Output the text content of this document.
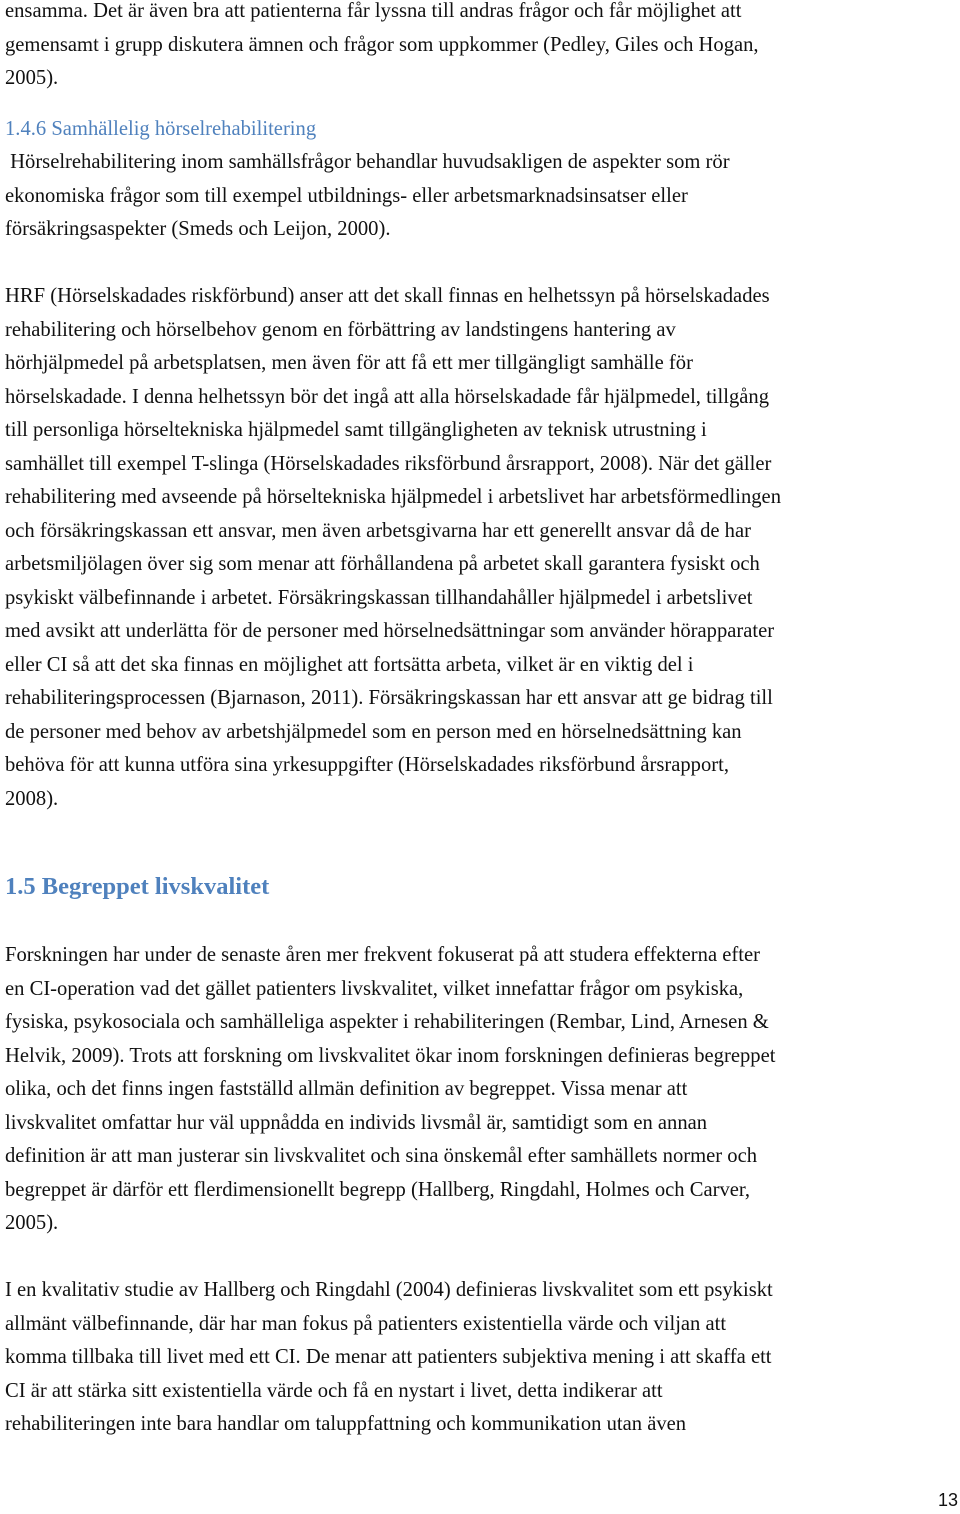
ensamma. Det är även bra att patienterna får lyssna till andras frågor och får möjlighet att
gemensamt i grupp diskutera ämnen och frågor som uppkommer (Pedley, Giles och Hogan,
2005).
1.4.6 Samhällelig hörselrehabilitering
Hörselrehabilitering inom samhällsfrågor behandlar huvudsakligen de aspekter som rör
ekonomiska frågor som till exempel utbildnings- eller arbetsmarknadsinsatser eller
försäkringsaspekter (Smeds och Leijon, 2000).
HRF (Hörselskadades riskförbund) anser att det skall finnas en helhetssyn på hörselskadades
rehabilitering och hörselbehov genom en förbättring av landstingens hantering av
hörhjälpmedel på arbetsplatsen, men även för att få ett mer tillgängligt samhälle för
hörselskadade. I denna helhetssyn bör det ingå att alla hörselskadade får hjälpmedel, tillgång
till personliga hörseltekniska hjälpmedel samt tillgängligheten av teknisk utrustning i
samhället till exempel T-slinga (Hörselskadades riksförbund årsrapport, 2008). När det gäller
rehabilitering med avseende på hörseltekniska hjälpmedel i arbetslivet har arbetsförmedlingen
och försäkringskassan ett ansvar, men även arbetsgivarna har ett generellt ansvar då de har
arbetsmiljölagen över sig som menar att förhållandena på arbetet skall garantera fysiskt och
psykiskt välbefinnande i arbetet. Försäkringskassan tillhandahåller hjälpmedel i arbetslivet
med avsikt att underlätta för de personer med hörselnedsättningar som använder hörapparater
eller CI så att det ska finnas en möjlighet att fortsätta arbeta, vilket är en viktig del i
rehabiliteringsprocessen (Bjarnason, 2011). Försäkringskassan har ett ansvar att ge bidrag till
de personer med behov av arbetshjälpmedel som en person med en hörselnedsättning kan
behöva för att kunna utföra sina yrkesuppgifter (Hörselskadades riksförbund årsrapport,
2008).
1.5 Begreppet livskvalitet
Forskningen har under de senaste åren mer frekvent fokuserat på att studera effekterna efter
en CI-operation vad det gället patienters livskvalitet, vilket innefattar frågor om psykiska,
fysiska, psykosociala och samhälleliga aspekter i rehabiliteringen (Rembar, Lind, Arnesen &
Helvik, 2009). Trots att forskning om livskvalitet ökar inom forskningen definieras begreppet
olika, och det finns ingen fastställd allmän definition av begreppet. Vissa menar att
livskvalitet omfattar hur väl uppnådda en individs livsmål är, samtidigt som en annan
definition är att man justerar sin livskvalitet och sina önskemål efter samhällets normer och
begreppet är därför ett flerdimensionellt begrepp (Hallberg, Ringdahl, Holmes och Carver,
2005).
I en kvalitativ studie av Hallberg och Ringdahl (2004) definieras livskvalitet som ett psykiskt
allmänt välbefinnande, där har man fokus på patienters existentiella värde och viljan att
komma tillbaka till livet med ett CI. De menar att patienters subjektiva mening i att skaffa ett
CI är att stärka sitt existentiella värde och få en nystart i livet, detta indikerar att
rehabiliteringen inte bara handlar om taluppfattning och kommunikation utan även
13
